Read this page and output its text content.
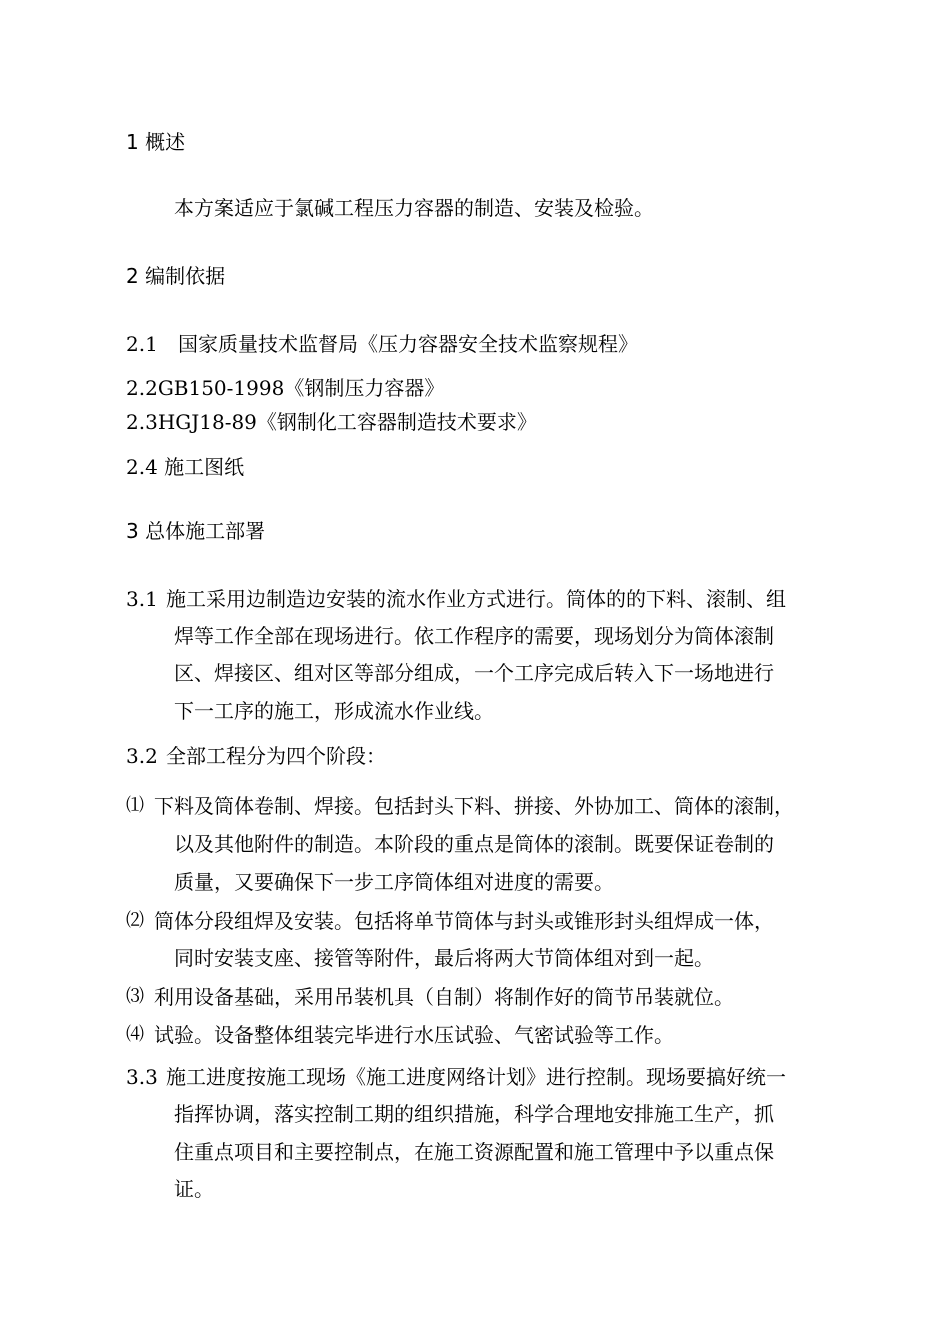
1 概述
本方案适应于氯碱工程压力容器的制造、安装及检验。
2 编制依据
2.1 国家质量技术监督局《压力容器安全技术监察规程》
2.2GB150-1998《钢制压力容器》
2.3HGJ18-89《钢制化工容器制造技术要求》
2.4 施工图纸
3 总体施工部署
3.1 施工采用边制造边安装的流水作业方式进行。筒体的的下料、滚制、组
焊等工作全部在现场进行。依工作程序的需要，现场划分为筒体滚制
区、焊接区、组对区等部分组成，一个工序完成后转入下一场地进行
下一工序的施工，形成流水作业线。
3.2 全部工程分为四个阶段：
⑴ 下料及筒体卷制、焊接。包括封头下料、拼接、外协加工、筒体的滚制，
以及其他附件的制造。本阶段的重点是筒体的滚制。既要保证卷制的
质量，又要确保下一步工序筒体组对进度的需要。
⑵ 筒体分段组焊及安装。包括将单节筒体与封头或锥形封头组焊成一体，
同时安装支座、接管等附件，最后将两大节筒体组对到一起。
⑶ 利用设备基础，采用吊装机具（自制）将制作好的筒节吊装就位。
⑷ 试验。设备整体组装完毕进行水压试验、气密试验等工作。
3.3 施工进度按施工现场《施工进度网络计划》进行控制。现场要搞好统一
指挥协调，落实控制工期的组织措施，科学合理地安排施工生产，抓
住重点项目和主要控制点，在施工资源配置和施工管理中予以重点保
证。
